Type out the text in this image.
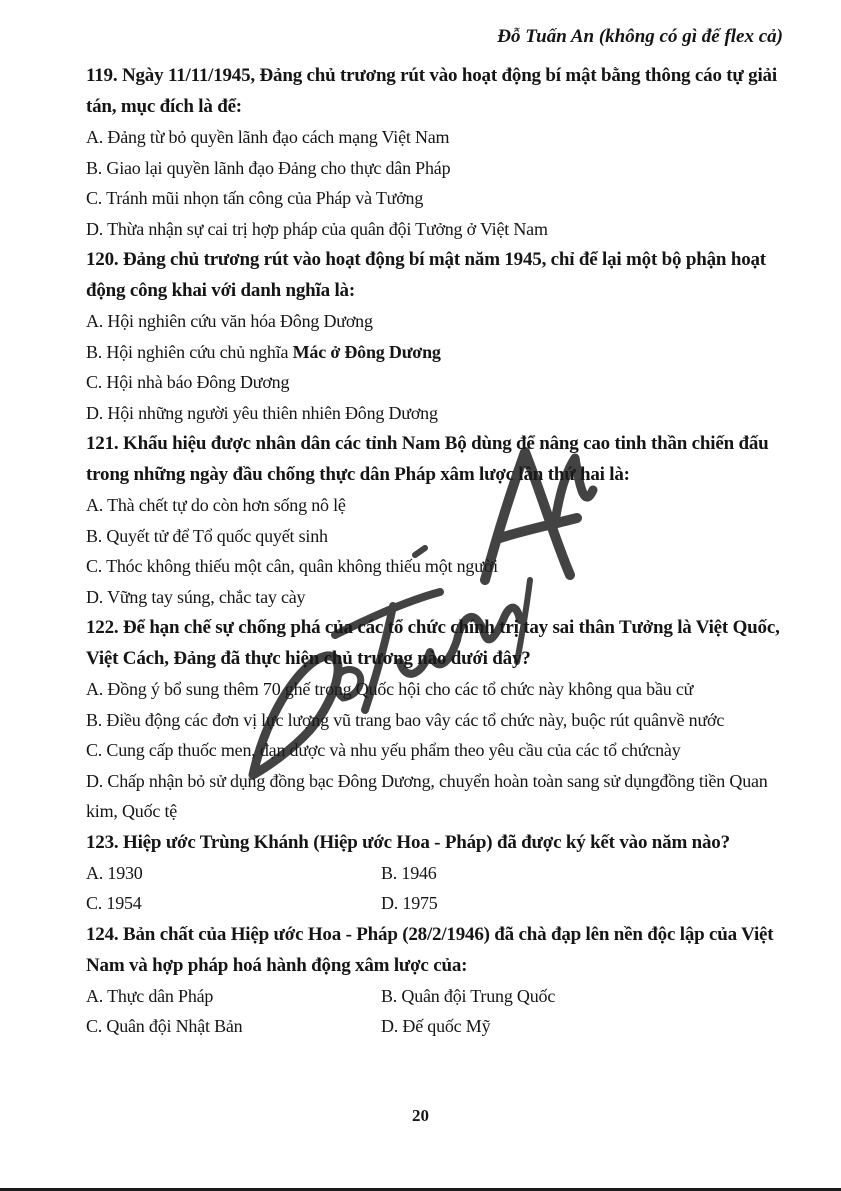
Đỗ Tuấn An (không có gì để flex cả)
119. Ngày 11/11/1945, Đảng chủ trương rút vào hoạt động bí mật bằng thông cáo tự giải tán, mục đích là để:
A. Đảng từ bỏ quyền lãnh đạo cách mạng Việt Nam
B. Giao lại quyền lãnh đạo Đảng cho thực dân Pháp
C. Tránh mũi nhọn tấn công của Pháp và Tưởng
D. Thừa nhận sự cai trị hợp pháp của quân đội Tưởng ở Việt Nam
120. Đảng chủ trương rút vào hoạt động bí mật năm 1945, chỉ để lại một bộ phận hoạt động công khai với danh nghĩa là:
A. Hội nghiên cứu văn hóa Đông Dương
B. Hội nghiên cứu chủ nghĩa Mác ở Đông Dương
C. Hội nhà báo Đông Dương
D. Hội những người yêu thiên nhiên Đông Dương
121. Khẩu hiệu được nhân dân các tỉnh Nam Bộ dùng để nâng cao tinh thần chiến đấu trong những ngày đầu chống thực dân Pháp xâm lược lần thứ hai là:
A. Thà chết tự do còn hơn sống nô lệ
B. Quyết tử để Tổ quốc quyết sinh
C. Thóc không thiếu một cân, quân không thiếu một người
D. Vững tay súng, chắc tay cày
122. Để hạn chế sự chống phá của các tổ chức chính trị tay sai thân Tưởng là Việt Quốc, Việt Cách, Đảng đã thực hiện chủ trương nào dưới đây?
A. Đồng ý bổ sung thêm 70 ghế trong Quốc hội cho các tổ chức này không qua bầu cử
B. Điều động các đơn vị lực lượng vũ trang bao vây các tổ chức này, buộc rút quânvề nước
C. Cung cấp thuốc men, đạn dược và nhu yếu phẩm theo yêu cầu của các tổ chứcnày
D. Chấp nhận bỏ sử dụng đồng bạc Đông Dương, chuyển hoàn toàn sang sử dụngđồng tiền Quan kim, Quốc tệ
123. Hiệp ước Trùng Khánh (Hiệp ước Hoa - Pháp) đã được ký kết vào năm nào?
A. 1930	B. 1946
C. 1954	D. 1975
124. Bản chất của Hiệp ước Hoa - Pháp (28/2/1946) đã chà đạp lên nền độc lập của Việt Nam và hợp pháp hoá hành động xâm lược của:
A. Thực dân Pháp	B. Quân đội Trung Quốc
C. Quân đội Nhật Bản	D. Đế quốc Mỹ
20
